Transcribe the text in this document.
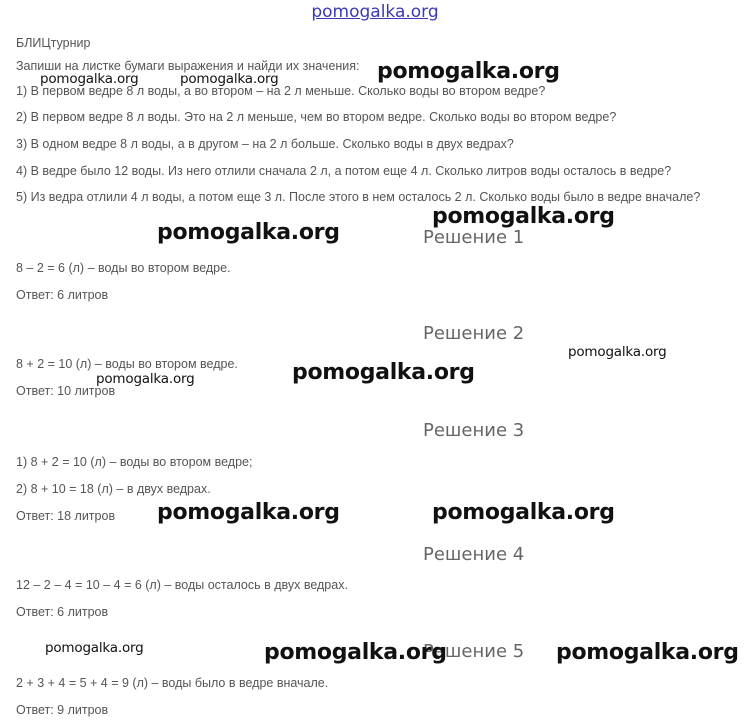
pomogalka.org
БЛИЦтурнир
Запиши на листке бумаги выражения и найди их значения:
1) В первом ведре 8 л воды, а во втором – на 2 л меньше. Сколько воды во втором ведре?
2) В первом ведре 8 л воды. Это на 2 л меньше, чем во втором ведре. Сколько воды во втором ведре?
3) В одном ведре 8 л воды, а в другом – на 2 л больше. Сколько воды в двух ведрах?
4) В ведре было 12 воды. Из него отлили сначала 2 л, а потом еще 4 л. Сколько литров воды осталось в ведре?
5) Из ведра отлили 4 л воды, а потом еще 3 л. После этого в нем осталось 2 л. Сколько воды было в ведре вначале?
Решение 1
8 – 2 = 6 (л) – воды во втором ведре.
Ответ: 6 литров
Решение 2
8 + 2 = 10 (л) – воды во втором ведре.
Ответ: 10 литров
Решение 3
1) 8 + 2 = 10 (л) – воды во втором ведре;
2) 8 + 10 = 18 (л) – в двух ведрах.
Ответ: 18 литров
Решение 4
12 – 2 – 4 = 10 – 4 = 6 (л) – воды осталось в двух ведрах.
Ответ: 6 литров
Решение 5
2 + 3 + 4 = 5 + 4 = 9 (л) – воды было в ведре вначале.
Ответ: 9 литров
pomogalka.org	pomogalka.org	pomogalka.org
pomogalka.org
pomogalka.org
pomogalka.org
pomogalka.org
pomogalka.org
pomogalka.org	pomogalka.org
pomogalka.org	pomogalka.org	pomogalka.org
